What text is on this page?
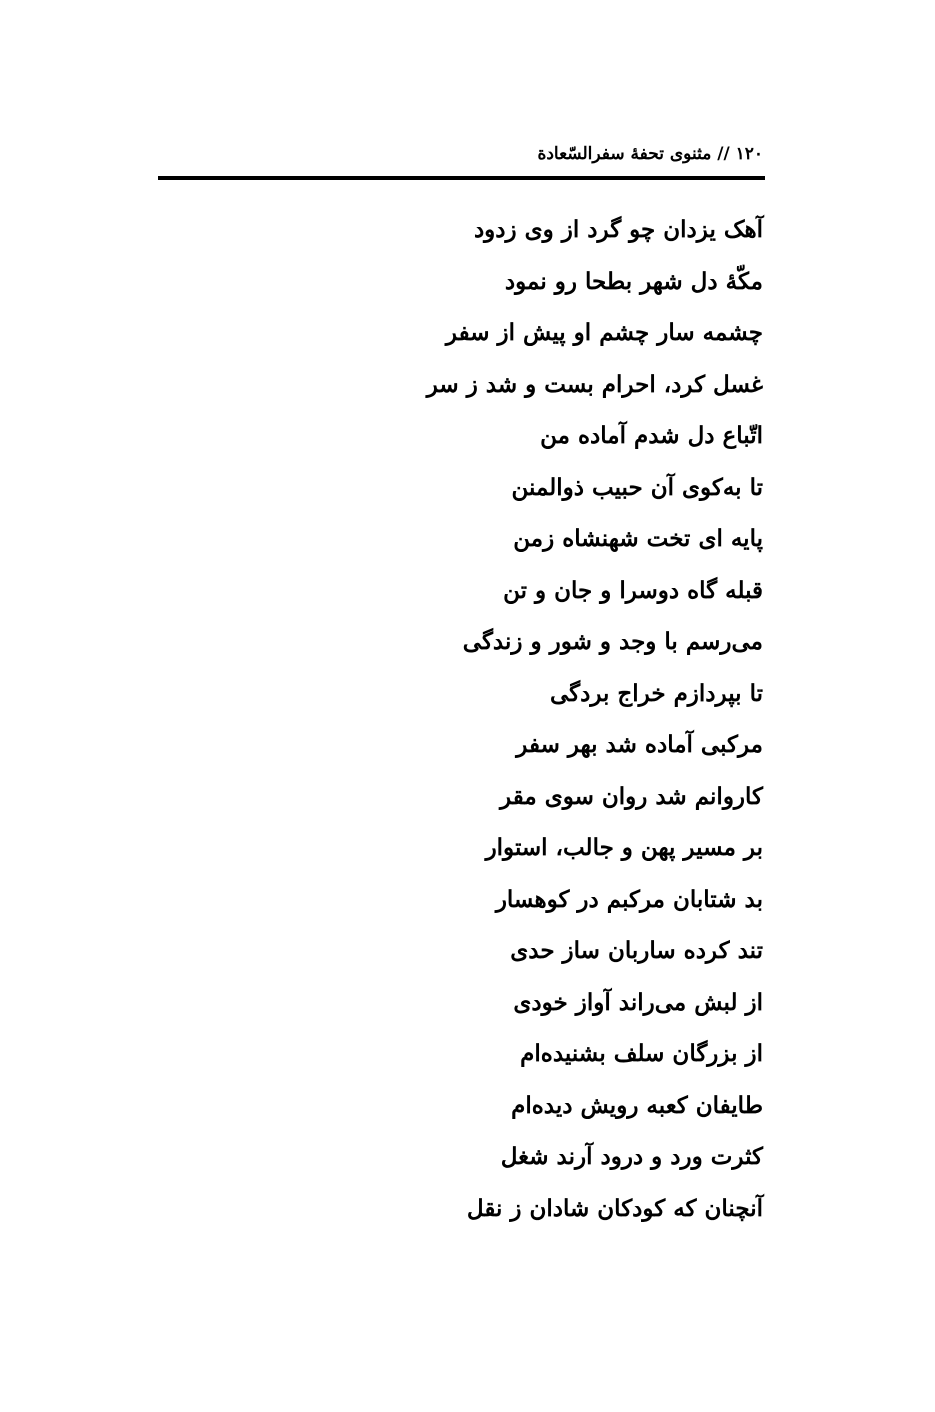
۱۲۰ // مثنوی تحفهٔ سفرالسّعادة
آهک یزدان چو گرد از وی زدود
مکّهٔ دل شهر بطحا رو نمود
چشمه سار چشم او پیش از سفر
غسل کرد، احرام بست و شد ز سر
اتّباع دل شدم آماده من
تا به‌کوی آن حبیب ذوالمنن
پایه ای تخت شهنشاه زمن
قبله گاه دوسرا و جان و تن
می‌رسم با وجد و شور و زندگی
تا بپردازم خراج بردگی
مرکبی آماده شد بهر سفر
کاروانم شد روان سوی مقر
بر مسیر پهن و جالب، استوار
بد شتابان مرکبم در کوهسار
تند کرده ساربان ساز حدی
از لبش می‌راند آواز خودی
از بزرگان سلف بشنیده‌ام
طایفان کعبه رویش دیده‌ام
کثرت ورد و درود آرند شغل
آنچنان که کودکان شادان ز نقل
